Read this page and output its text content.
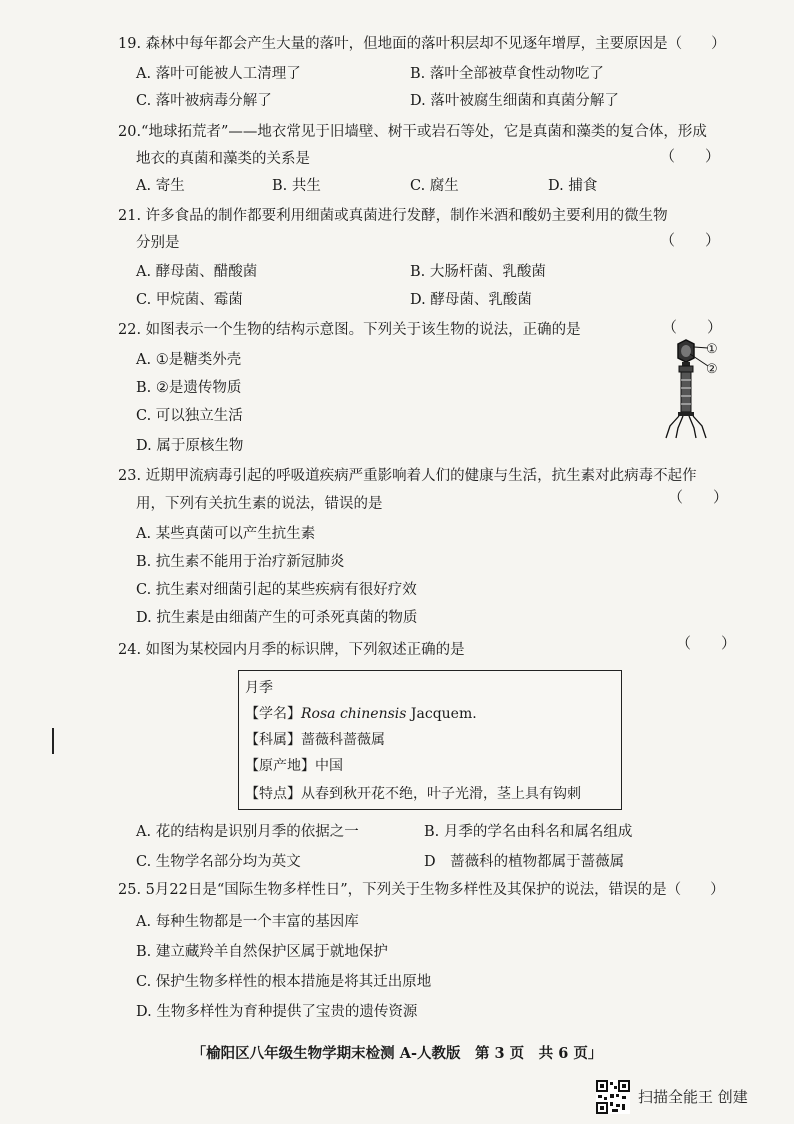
19. 森林中每年都会产生大量的落叶，但地面的落叶积层却不见逐年增厚，主要原因是（　　）
A. 落叶可能被人工清理了	B. 落叶全部被草食性动物吃了
C. 落叶被病毒分解了	D. 落叶被腐生细菌和真菌分解了
20.“地球拓荒者”——地衣常见于旧墙壁、树干或岩石等处，它是真菌和藻类的复合体，形成
地衣的真菌和藻类的关系是	（　　）
A. 寄生	B. 共生	C. 腐生	D. 捕食
21. 许多食品的制作都要利用细菌或真菌进行发酵，制作米酒和酸奶主要利用的微生物
分别是	（　　）
A. 酵母菌、醋酸菌	B. 大肠杆菌、乳酸菌
C. 甲烷菌、霉菌	D. 酵母菌、乳酸菌
22. 如图表示一个生物的结构示意图。下列关于该生物的说法，正确的是	（　　）
A. ①是糖类外壳
B. ②是遗传物质
C. 可以独立生活
D. 属于原核生物
①
②
23. 近期甲流病毒引起的呼吸道疾病严重影响着人们的健康与生活，抗生素对此病毒不起作
用，下列有关抗生素的说法，错误的是	（　　）
A. 某些真菌可以产生抗生素
B. 抗生素不能用于治疗新冠肺炎
C. 抗生素对细菌引起的某些疾病有很好疗效
D. 抗生素是由细菌产生的可杀死真菌的物质
24. 如图为某校园内月季的标识牌，下列叙述正确的是	（　　）
月季
【学名】Rosa chinensis Jacquem.
【科属】蔷薇科蔷薇属
【原产地】中国
【特点】从春到秋开花不绝，叶子光滑，茎上具有钩刺
A. 花的结构是识别月季的依据之一	B. 月季的学名由科名和属名组成
C. 生物学名部分均为英文	D　蔷薇科的植物都属于蔷薇属
25. 5月22日是“国际生物多样性日”，下列关于生物多样性及其保护的说法，错误的是（　　）
A. 每种生物都是一个丰富的基因库
B. 建立藏羚羊自然保护区属于就地保护
C. 保护生物多样性的根本措施是将其迁出原地
D. 生物多样性为育种提供了宝贵的遗传资源
「榆阳区八年级生物学期末检测 A-人教版　第 3 页　共 6 页」
扫描全能王 创建
